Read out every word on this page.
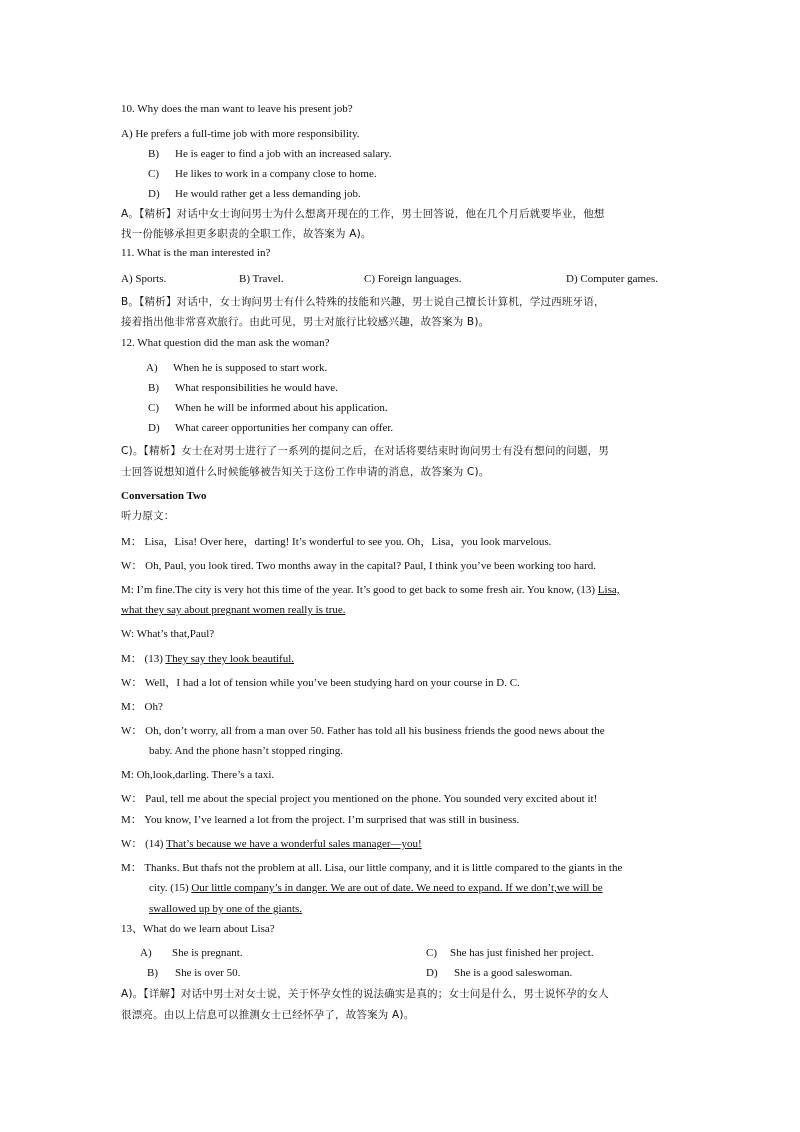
10. Why does the man want to leave his present job?
A) He prefers a full-time job with more responsibility.
B) He is eager to find a job with an increased salary.
C) He likes to work in a company close to home.
D) He would rather get a less demanding job.
A。【精析】对话中女士询问男士为什么想离开现在的工作，男士回答说，他在几个月后就要毕业，他想
找一份能够承担更多职责的全职工作，故答案为 A)。
11. What is the man interested in?
A) Sports.	B) Travel.	C) Foreign languages.	D) Computer games.
B。【精析】对话中，女士询问男士有什么特殊的技能和兴趣，男士说自己擅长计算机，学过西班牙语，
接着指出他非常喜欢旅行。由此可见，男士对旅行比较感兴趣，故答案为 B)。
12. What question did the man ask the woman?
A) When he is supposed to start work.
B) What responsibilities he would have.
C) When he will be informed about his application.
D) What career opportunities her company can offer.
C)。【精析】女士在对男士进行了一系列的提问之后，在对话将要结束时询问男士有没有想问的问题，男
士回答说想知道什么时候能够被告知关于这份工作申请的消息，故答案为 C)。
Conversation Two
听力原文：
M： Lisa，Lisa! Over here，darting! It’s wonderful to see you. Oh，Lisa，you look marvelous.
W： Oh, Paul, you look tired. Two months away in the capital? Paul, I think you’ve been working too hard.
M: I’m fine.The city is very hot this time of the year. It’s good to get back to some fresh air. You know, (13) Lisa,
what they say about pregnant women really is true.
W: What’s that,Paul?
M： (13) They say they look beautiful.
W： Well，I had a lot of tension while you’ve been studying hard on your course in D. C.
M： Oh?
W： Oh, don’t worry, all from a man over 50. Father has told all his business friends the good news about the
baby. And the phone hasn’t stopped ringing.
M: Oh,look,darling. There’s a taxi.
W： Paul, tell me about the special project you mentioned on the phone. You sounded very excited about it!
M： You know, I’ve learned a lot from the project. I’m surprised that was still in business.
W： (14) That’s because we have a wonderful sales manager—you!
M： Thanks. But thafs not the problem at all. Lisa, our little company, and it is little compared to the giants in the
city. (15) Our little company’s in danger. We are out of date. We need to expand. If we don’t,we will be
swallowed up by one of the giants.
13、What do we learn about Lisa?
A) She is pregnant.	C) She has just finished her project.
B) She is over 50.	D) She is a good saleswoman.
A)。【详解】对话中男士对女士说，关于怀孕女性的说法确实是真的；女士问是什么，男士说怀孕的女人
很漂亮。由以上信息可以推测女士已经怀孕了，故答案为 A)。
